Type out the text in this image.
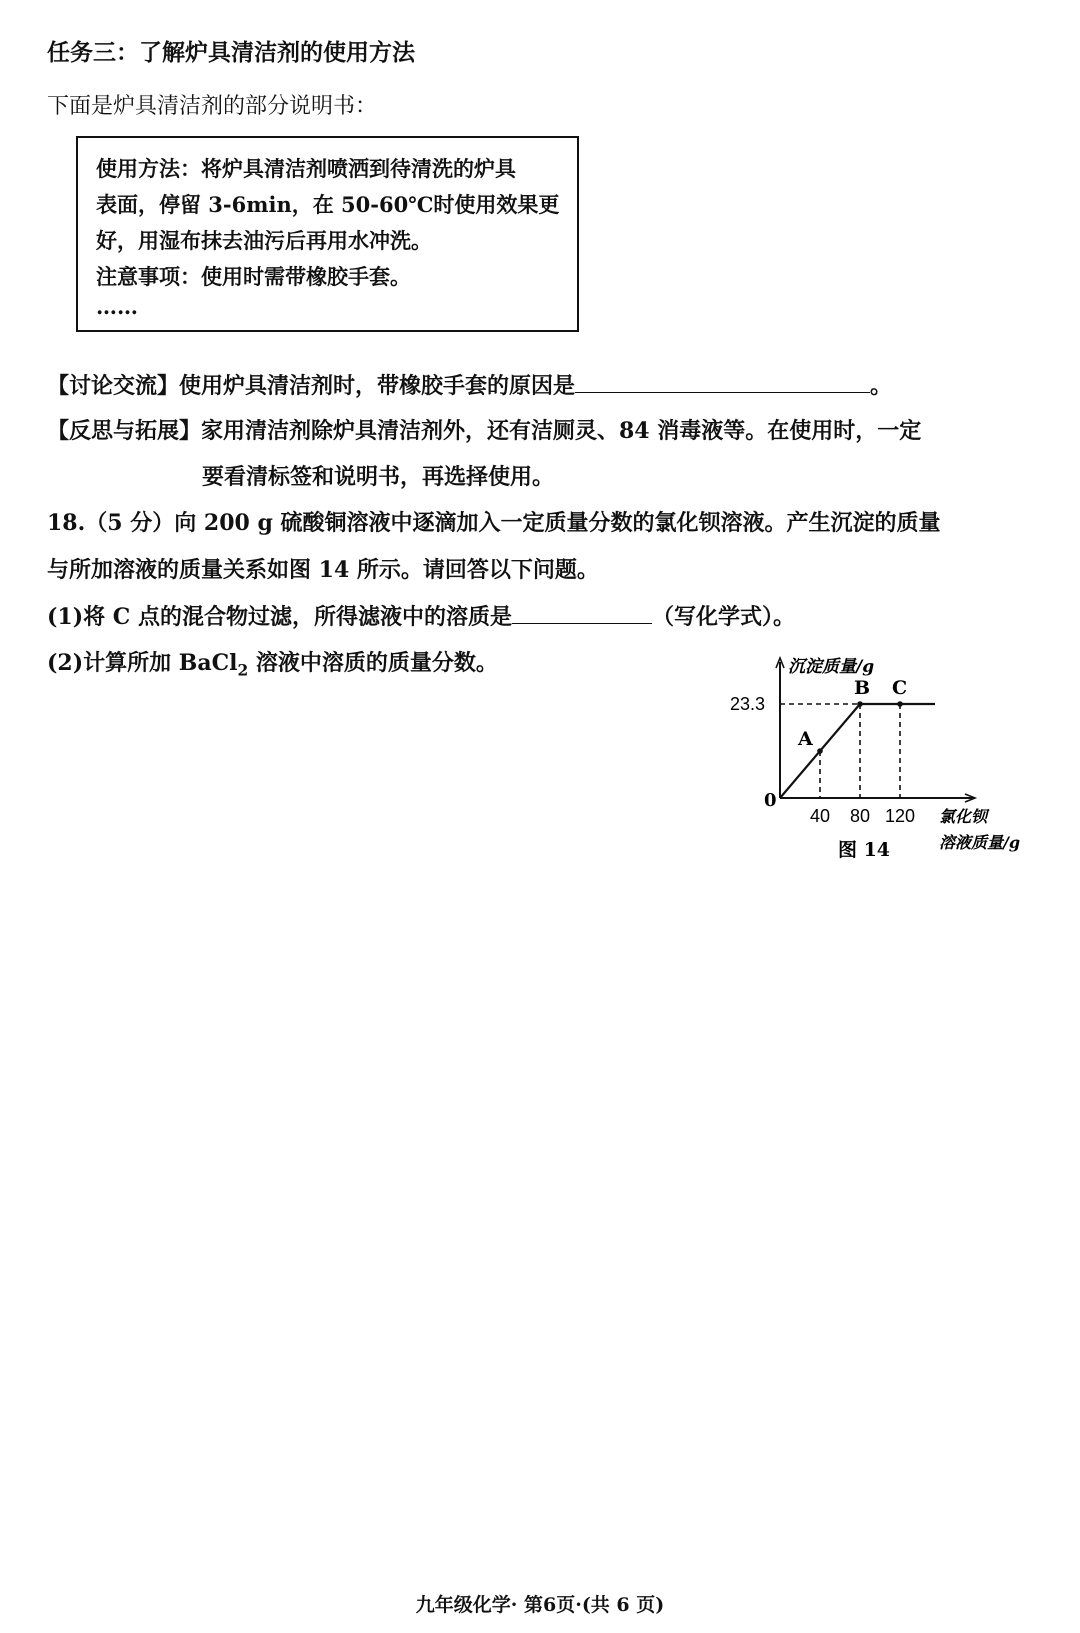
任务三：了解炉具清洁剂的使用方法
下面是炉具清洁剂的部分说明书：
使用方法：将炉具清洁剂喷洒到待清洗的炉具
表面，停留 3-6min，在 50-60℃时使用效果更
好，用湿布抹去油污后再用水冲洗。
注意事项：使用时需带橡胶手套。
……
【讨论交流】使用炉具清洁剂时，带橡胶手套的原因是	。
【反思与拓展】家用清洁剂除炉具清洁剂外，还有洁厕灵、84 消毒液等。在使用时，一定
要看清标签和说明书，再选择使用。
18.（5 分）向 200 g 硫酸铜溶液中逐滴加入一定质量分数的氯化钡溶液。产生沉淀的质量
与所加溶液的质量关系如图 14 所示。请回答以下问题。
(1)将 C 点的混合物过滤，所得滤液中的溶质是	（写化学式）。
(2)计算所加 BaCl$_2$ 溶液中溶质的质量分数。	沉淀质量/g
0
23.3
A
B C
40 80 120 氯化钡
溶液质量/g
图 14
九年级化学· 第6页·(共 6 页)
